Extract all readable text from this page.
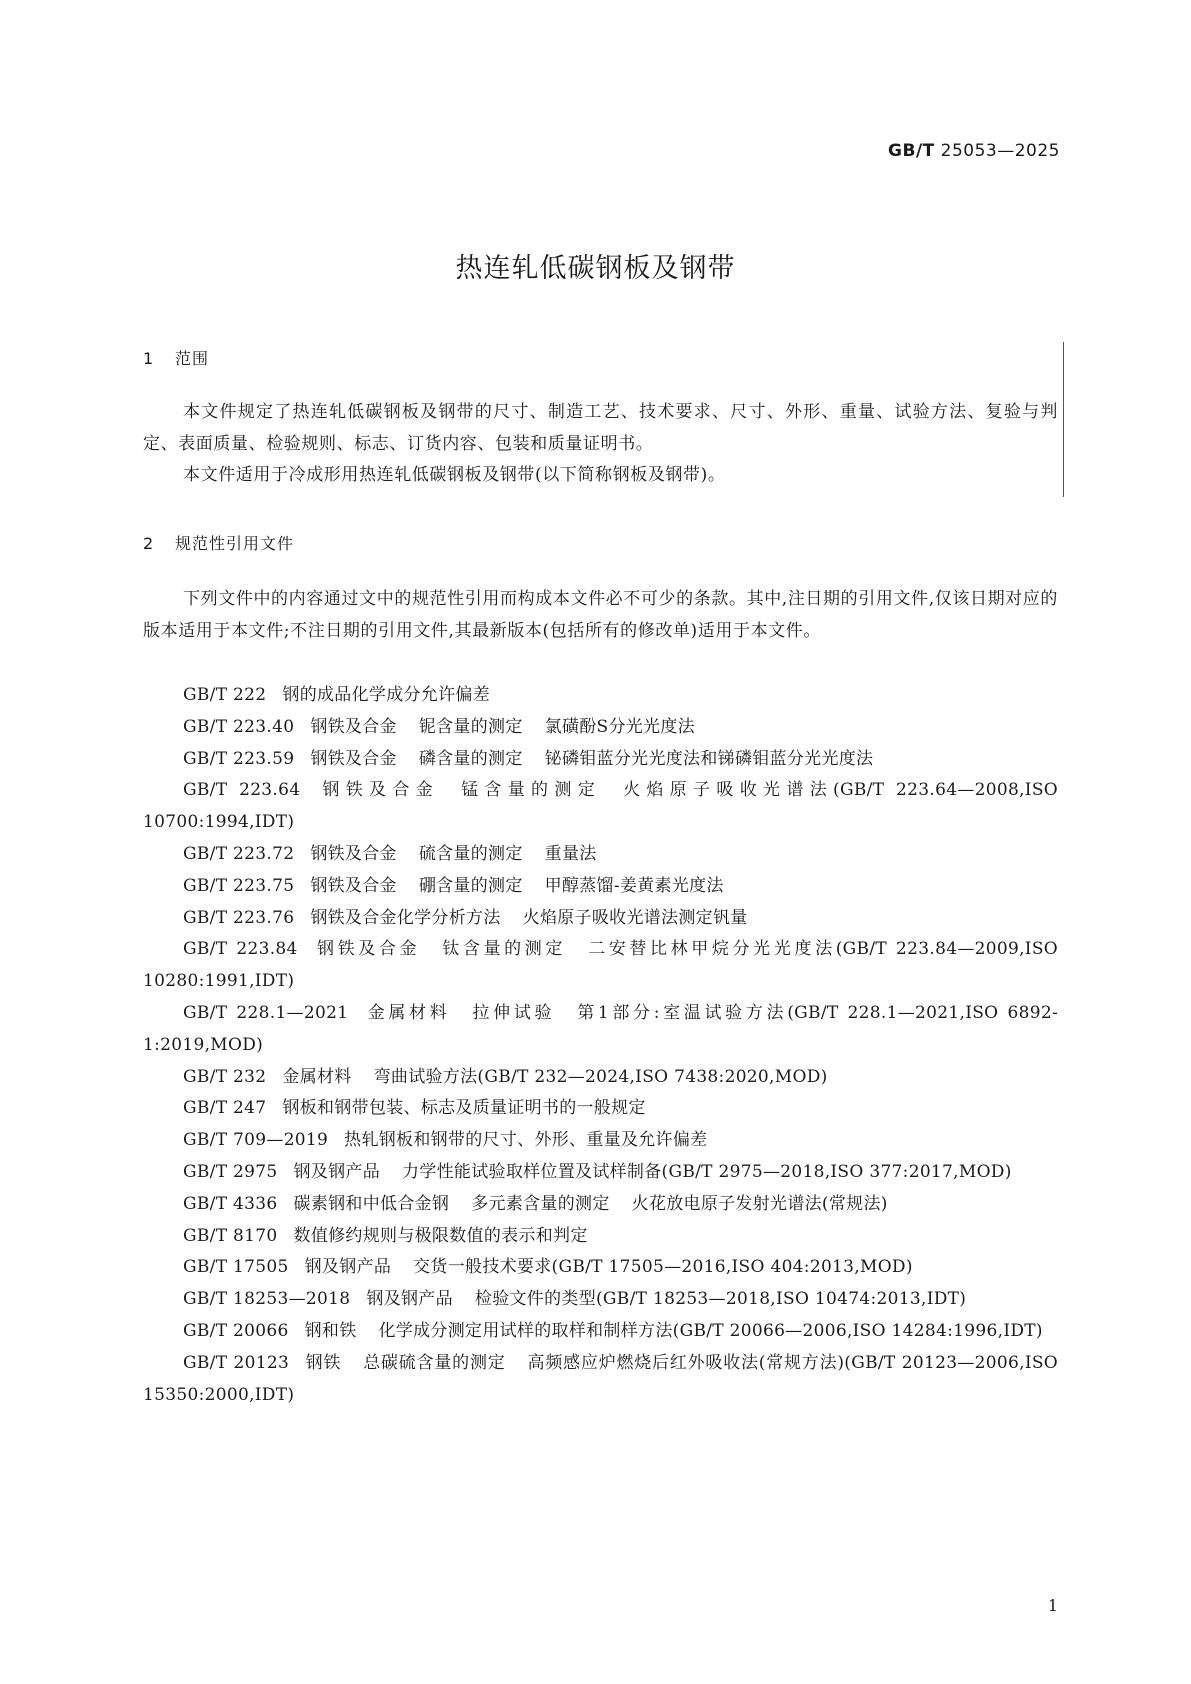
GB/T 25053—2025
热连轧低碳钢板及钢带
1 范围

本文件规定了热连轧低碳钢板及钢带的尺寸、制造工艺、技术要求、尺寸、外形、重量、试验方法、复验与判定、表面质量、检验规则、标志、订货内容、包装和质量证明书。

本文件适用于冷成形用热连轧低碳钢板及钢带(以下简称钢板及钢带)。

2 规范性引用文件

下列文件中的内容通过文中的规范性引用而构成本文件必不可少的条款。其中,注日期的引用文件,仅该日期对应的版本适用于本文件;不注日期的引用文件,其最新版本(包括所有的修改单)适用于本文件。

GB/T 222 钢的成品化学成分允许偏差
GB/T 223.40 钢铁及合金 铌含量的测定 氯磺酚S分光光度法
GB/T 223.59 钢铁及合金 磷含量的测定 铋磷钼蓝分光光度法和锑磷钼蓝分光光度法
GB/T 223.64 钢铁及合金 锰含量的测定 火焰原子吸收光谱法(GB/T 223.64—2008,ISO 10700:1994,IDT)
GB/T 223.72 钢铁及合金 硫含量的测定 重量法
GB/T 223.75 钢铁及合金 硼含量的测定 甲醇蒸馏-姜黄素光度法
GB/T 223.76 钢铁及合金化学分析方法 火焰原子吸收光谱法测定钒量
GB/T 223.84 钢铁及合金 钛含量的测定 二安替比林甲烷分光光度法(GB/T 223.84—2009,ISO 10280:1991,IDT)
GB/T 228.1—2021 金属材料 拉伸试验 第1部分:室温试验方法(GB/T 228.1—2021,ISO 6892-1:2019,MOD)
GB/T 232 金属材料 弯曲试验方法(GB/T 232—2024,ISO 7438:2020,MOD)
GB/T 247 钢板和钢带包装、标志及质量证明书的一般规定
GB/T 709—2019 热轧钢板和钢带的尺寸、外形、重量及允许偏差
GB/T 2975 钢及钢产品 力学性能试验取样位置及试样制备(GB/T 2975—2018,ISO 377:2017,MOD)
GB/T 4336 碳素钢和中低合金钢 多元素含量的测定 火花放电原子发射光谱法(常规法)
GB/T 8170 数值修约规则与极限数值的表示和判定
GB/T 17505 钢及钢产品 交货一般技术要求(GB/T 17505—2016,ISO 404:2013,MOD)
GB/T 18253—2018 钢及钢产品 检验文件的类型(GB/T 18253—2018,ISO 10474:2013,IDT)
GB/T 20066 钢和铁 化学成分测定用试样的取样和制样方法(GB/T 20066—2006,ISO 14284:1996,IDT)
GB/T 20123 钢铁 总碳硫含量的测定 高频感应炉燃烧后红外吸收法(常规方法)(GB/T 20123—2006,ISO 15350:2000,IDT)
1
